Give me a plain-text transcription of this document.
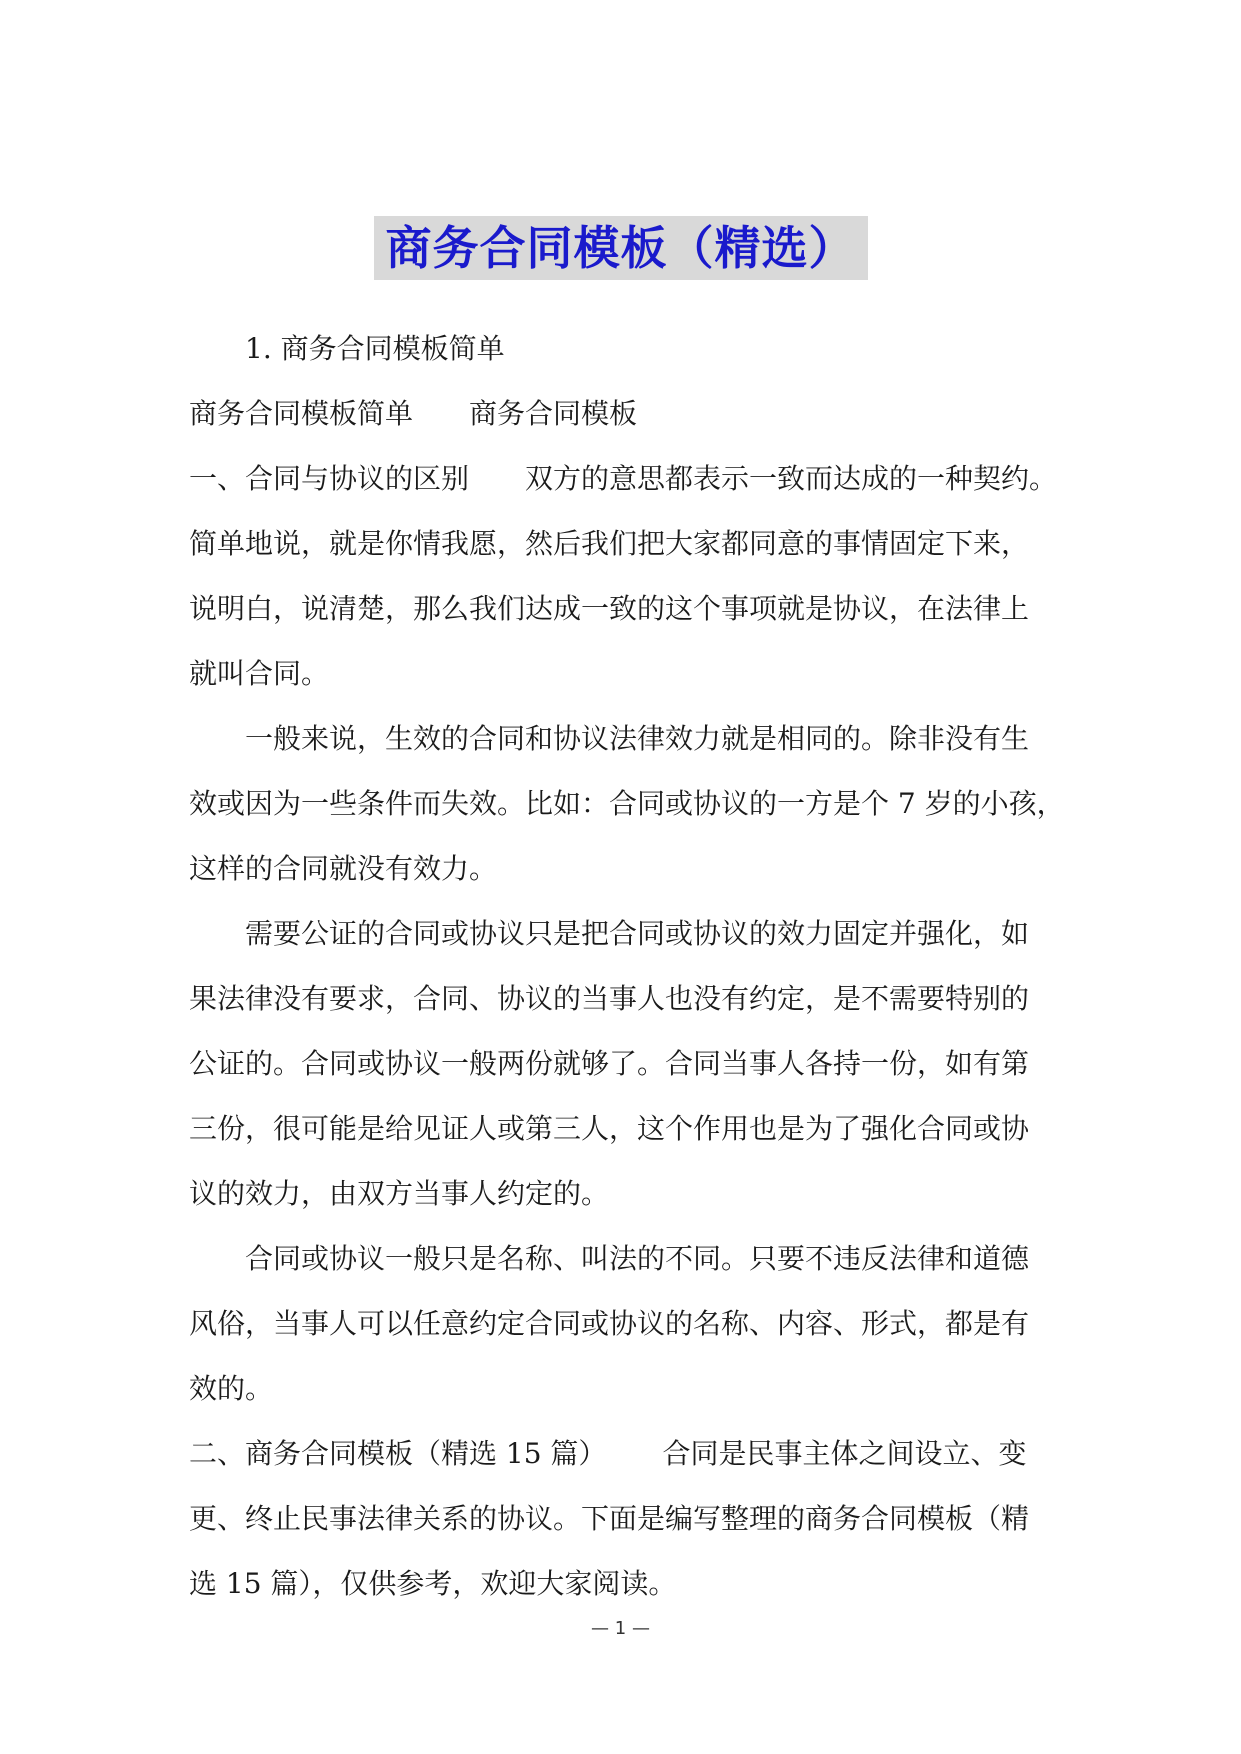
商务合同模板（精选）
1. 商务合同模板简单
商务合同模板简单 商务合同模板
一、合同与协议的区别 双方的意思都表示一致而达成的一种契约。
简单地说，就是你情我愿，然后我们把大家都同意的事情固定下来，
说明白，说清楚，那么我们达成一致的这个事项就是协议，在法律上
就叫合同。
一般来说，生效的合同和协议法律效力就是相同的。除非没有生
效或因为一些条件而失效。比如：合同或协议的一方是个 7 岁的小孩，
这样的合同就没有效力。
需要公证的合同或协议只是把合同或协议的效力固定并强化，如
果法律没有要求，合同、协议的当事人也没有约定，是不需要特别的
公证的。合同或协议一般两份就够了。合同当事人各持一份，如有第
三份，很可能是给见证人或第三人，这个作用也是为了强化合同或协
议的效力，由双方当事人约定的。
合同或协议一般只是名称、叫法的不同。只要不违反法律和道德
风俗，当事人可以任意约定合同或协议的名称、内容、形式，都是有
效的。
二、商务合同模板（精选 15 篇） 合同是民事主体之间设立、变
更、终止民事法律关系的协议。下面是编写整理的商务合同模板（精
选 15 篇），仅供参考，欢迎大家阅读。
— 1 —
